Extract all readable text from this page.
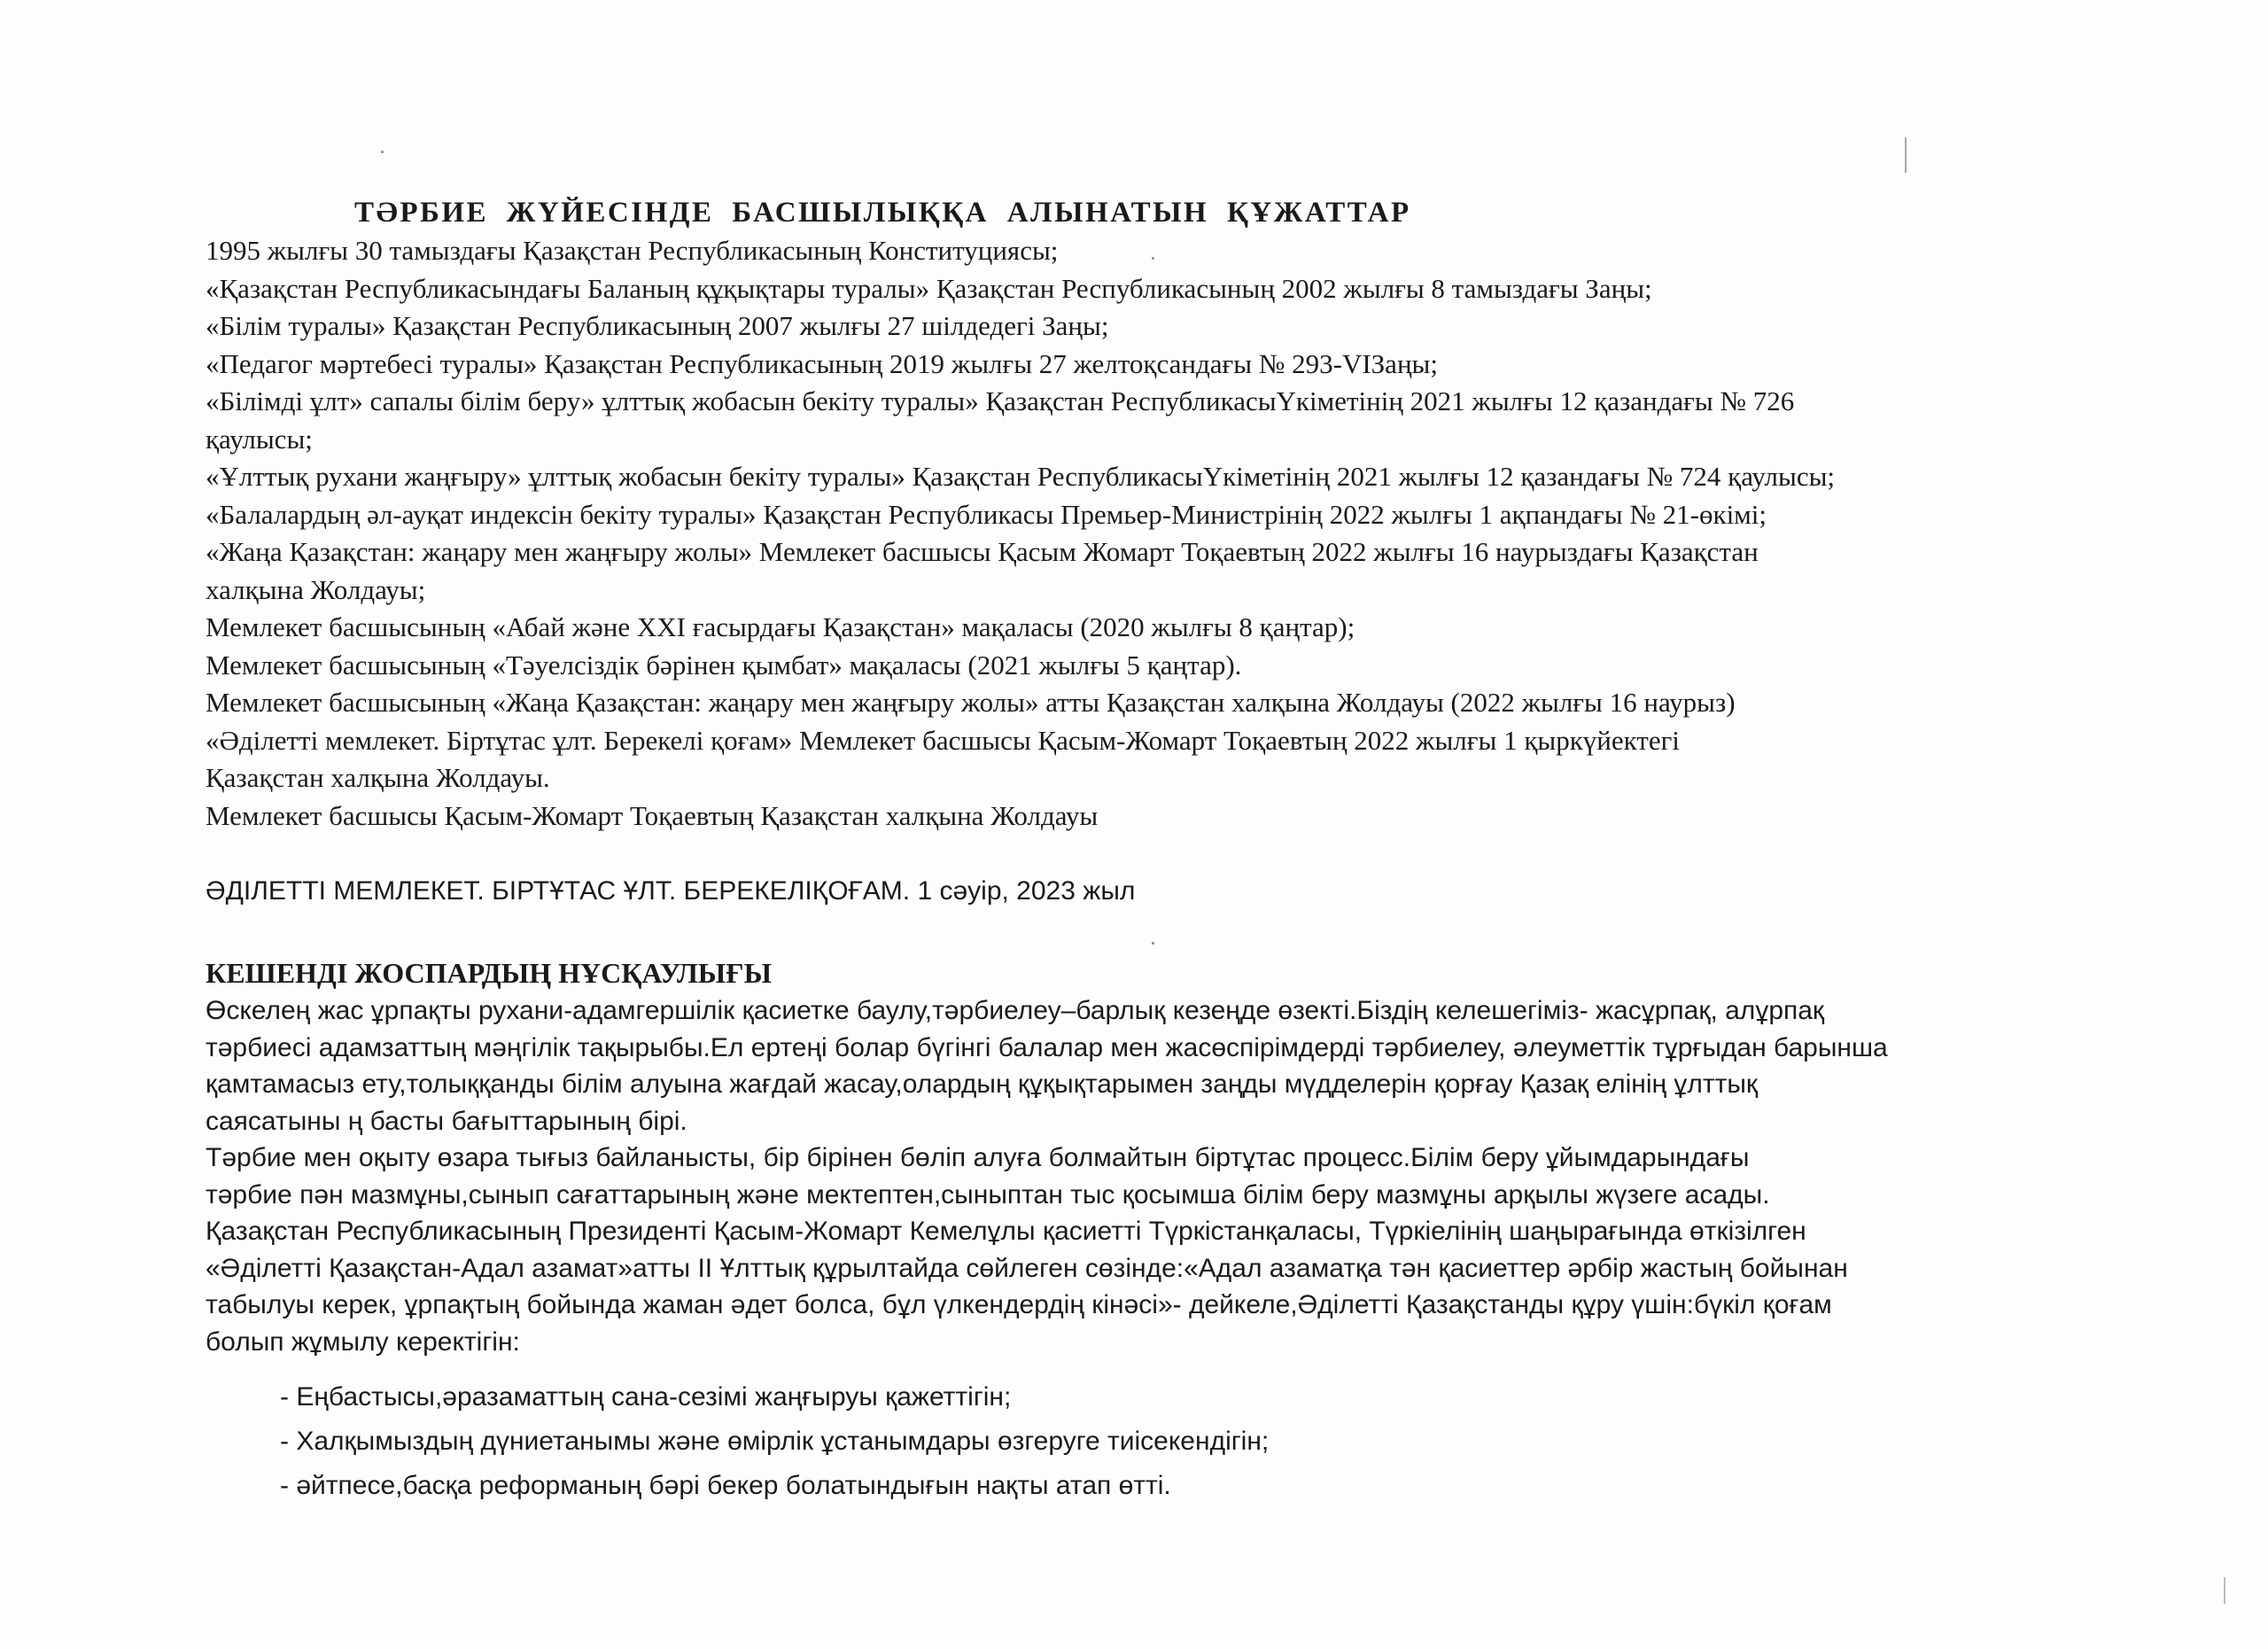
ТӘРБИЕ ЖҮЙЕСІНДЕ БАСШЫЛЫҚҚА АЛЫНАТЫН ҚҰЖАТТАР
1995 жылғы 30 тамыздағы Қазақстан Республикасының Конституциясы;
«Қазақстан Республикасындағы Баланың құқықтары туралы» Қазақстан Республикасының 2002 жылғы 8 тамыздағы Заңы;
«Білім туралы» Қазақстан Республикасының 2007 жылғы 27 шілдедегі Заңы;
«Педагог мәртебесі туралы» Қазақстан Республикасының 2019 жылғы 27 желтоқсандағы № 293-VIЗаңы;
«Білімді ұлт» сапалы білім беру» ұлттық жобасын бекіту туралы» Қазақстан РеспубликасыҮкіметінің 2021 жылғы 12 қазандағы № 726
қаулысы;
«Ұлттық рухани жаңғыру» ұлттық жобасын бекіту туралы» Қазақстан РеспубликасыҮкіметінің 2021 жылғы 12 қазандағы № 724 қаулысы;
«Балалардың әл-ауқат индексін бекіту туралы» Қазақстан Республикасы Премьер-Министрінің 2022 жылғы 1 ақпандағы № 21-өкімі;
«Жаңа Қазақстан: жаңару мен жаңғыру жолы» Мемлекет басшысы Қасым Жомарт Тоқаевтың 2022 жылғы 16 наурыздағы Қазақстан
халқына Жолдауы;
Мемлекет басшысының «Абай және XXI ғасырдағы Қазақстан» мақаласы (2020 жылғы 8 қаңтар);
Мемлекет басшысының «Тәуелсіздік бәрінен қымбат» мақаласы (2021 жылғы 5 қаңтар).
Мемлекет басшысының «Жаңа Қазақстан: жаңару мен жаңғыру жолы» атты Қазақстан халқына Жолдауы (2022 жылғы 16 наурыз)
«Әділетті мемлекет. Біртұтас ұлт. Берекелі қоғам» Мемлекет басшысы Қасым-Жомарт Тоқаевтың 2022 жылғы 1 қыркүйектегі
Қазақстан халқына Жолдауы.
Мемлекет басшысы Қасым-Жомарт Тоқаевтың Қазақстан халқына Жолдауы
ӘДІЛЕТТІ МЕМЛЕКЕТ. БІРТҰТАС ҰЛТ. БЕРЕКЕЛІҚОҒАМ. 1 сәуір, 2023 жыл
КЕШЕНДІ ЖОСПАРДЫҢ НҰСҚАУЛЫҒЫ
Өскелең жас ұрпақты рухани-адамгершілік қасиетке баулу,тәрбиелеу–барлық кезеңде өзекті.Біздің келешегіміз- жасұрпақ, алұрпақ
тәрбиесі адамзаттың мәңгілік тақырыбы.Ел ертеңі болар бүгінгі балалар мен жасөспірімдерді тәрбиелеу, әлеуметтік тұрғыдан барынша
қамтамасыз ету,толыққанды білім алуына жағдай жасау,олардың құқықтарымен заңды мүдделерін қорғау Қазақ елінің ұлттық
саясатыны ң басты бағыттарының бірі.
Тәрбие мен оқыту өзара тығыз байланысты, бір бірінен бөліп алуға болмайтын біртұтас процесс.Білім беру ұйымдарындағы
тәрбие пән мазмұны,сынып сағаттарының және мектептен,сыныптан тыс қосымша білім беру мазмұны арқылы жүзеге асады.
Қазақстан Республикасының Президенті Қасым-Жомарт Кемелұлы қасиетті Түркістанқаласы, Түркіелінің шаңырағында өткізілген
«Әділетті Қазақстан-Адал азамат»атты II Ұлттық құрылтайда сөйлеген сөзінде:«Адал азаматқа тән қасиеттер әрбір жастың бойынан
табылуы керек, ұрпақтың бойында жаман әдет болса, бұл үлкендердің кінәсі»- дейкеле,Әділетті Қазақстанды құру үшін:бүкіл қоғам
болып жұмылу керектігін:
- Еңбастысы,әразаматтың сана-сезімі жаңғыруы қажеттігін;
- Халқымыздың дүниетанымы және өмірлік ұстанымдары өзгеруге тиісекендігін;
- әйтпесе,басқа реформаның бәрі бекер болатындығын нақты атап өтті.
